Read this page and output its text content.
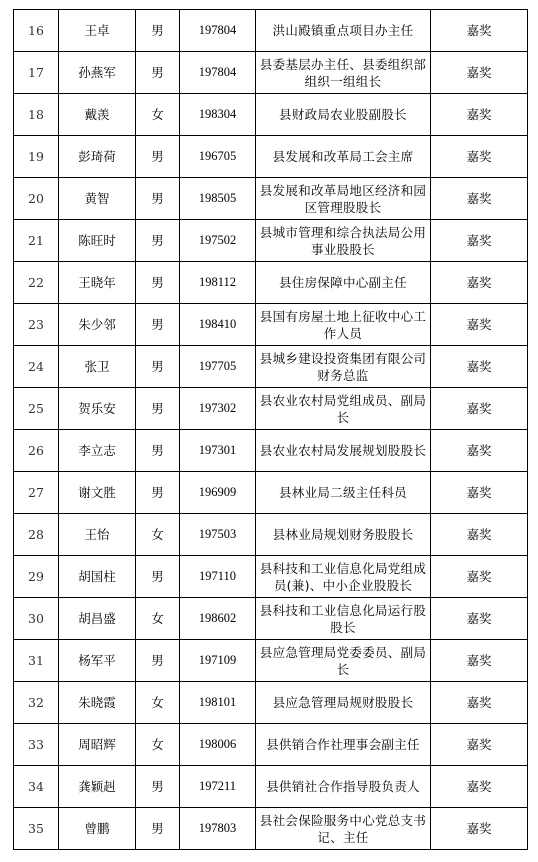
16	王卓	男	197804	洪山殿镇重点项目办主任	嘉奖
17	孙燕军	男	197804	县委基层办主任、县委组织部组织一组组长	嘉奖
18	戴羡	女	198304	县财政局农业股副股长	嘉奖
19	彭琦荷	男	196705	县发展和改革局工会主席	嘉奖
20	黄智	男	198505	县发展和改革局地区经济和园区管理股股长	嘉奖
21	陈旺时	男	197502	县城市管理和综合执法局公用事业股股长	嘉奖
22	王晓年	男	198112	县住房保障中心副主任	嘉奖
23	朱少邻	男	198410	县国有房屋土地上征收中心工作人员	嘉奖
24	张卫	男	197705	县城乡建设投资集团有限公司财务总监	嘉奖
25	贺乐安	男	197302	县农业农村局党组成员、副局长	嘉奖
26	李立志	男	197301	县农业农村局发展规划股股长	嘉奖
27	谢文胜	男	196909	县林业局二级主任科员	嘉奖
28	王怡	女	197503	县林业局规划财务股股长	嘉奖
29	胡国柱	男	197110	县科技和工业信息化局党组成员(兼)、中小企业股股长	嘉奖
30	胡昌盛	女	198602	县科技和工业信息化局运行股股长	嘉奖
31	杨军平	男	197109	县应急管理局党委委员、副局长	嘉奖
32	朱晓霞	女	198101	县应急管理局规财股股长	嘉奖
33	周昭辉	女	198006	县供销合作社理事会副主任	嘉奖
34	龚颖赳	男	197211	县供销社合作指导股负责人	嘉奖
35	曾鹏	男	197803	县社会保险服务中心党总支书记、主任	嘉奖
